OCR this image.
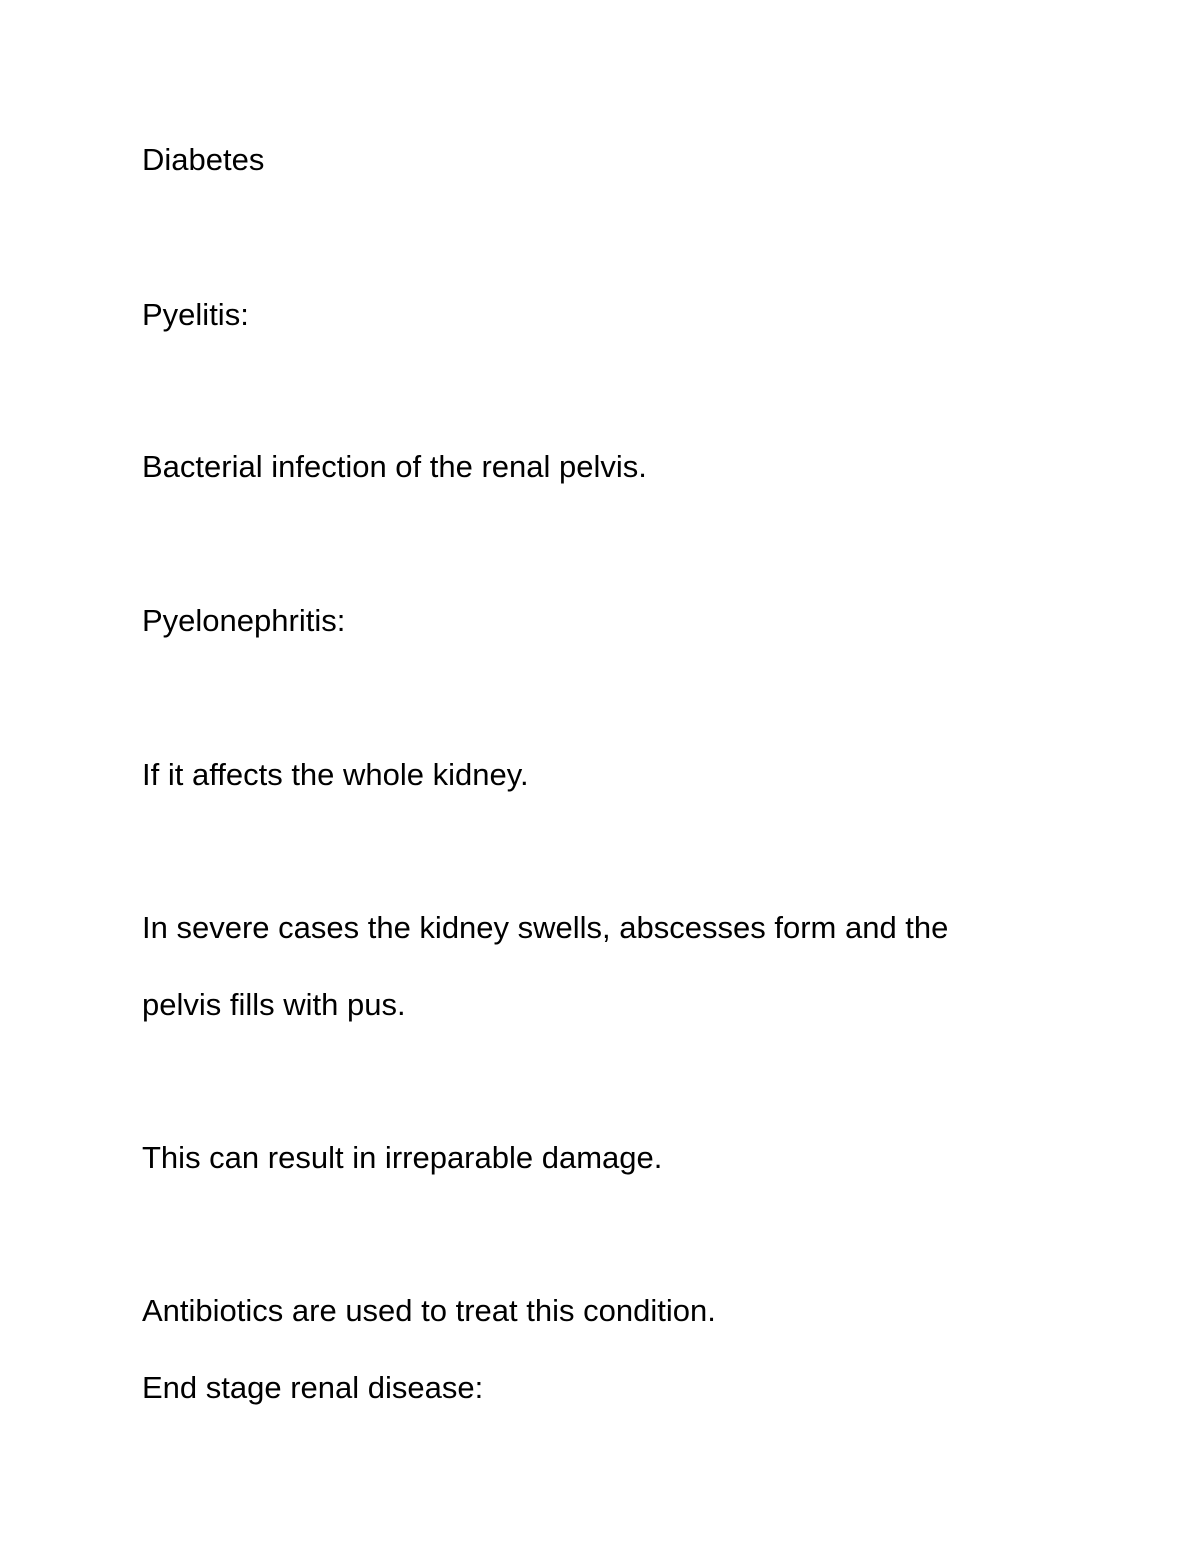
Diabetes

Pyelitis:

Bacterial infection of the renal pelvis.

Pyelonephritis:

If it affects the whole kidney.

In severe cases the kidney swells, abscesses form and the

pelvis fills with pus.

This can result in irreparable damage.

Antibiotics are used to treat this condition.

End stage renal disease:
